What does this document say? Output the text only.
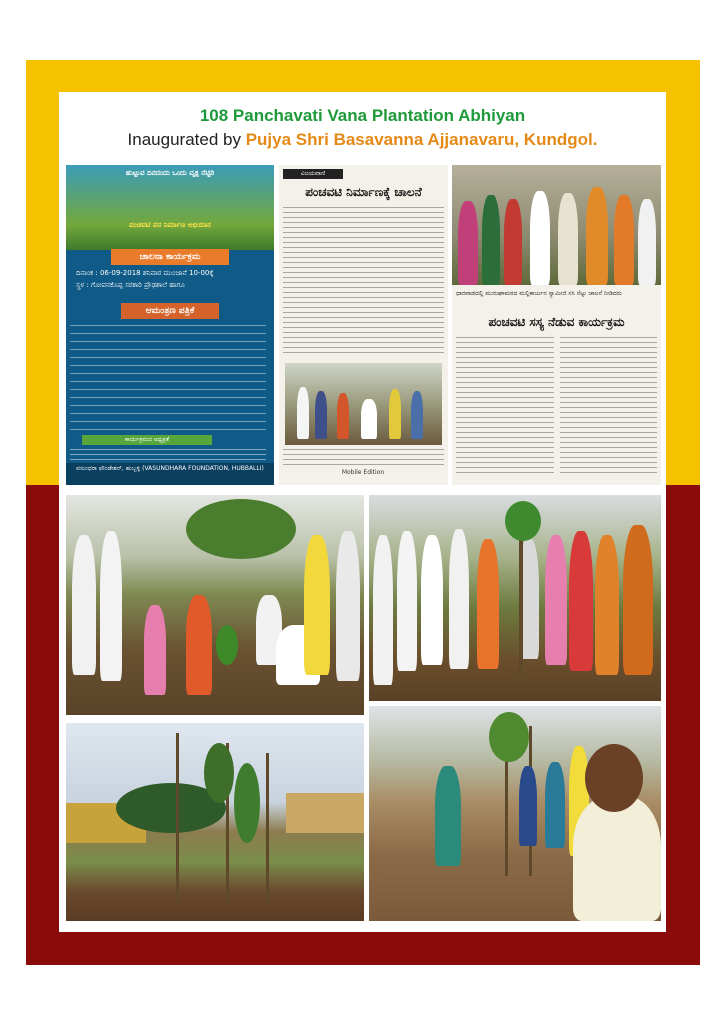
108 Panchavati Vana Plantation Abhiyan
Inaugurated by Pujya Shri Basavanna Ajjanavaru, Kundgol.
ಹುಟ್ಟುವ ದಿನದಂದು ಒಂದು ವೃಕ್ಷ ನೆಟ್ಟಿರಿ
ಪಂಚವಟಿ ವನ ನಿರ್ಮಾಣ ಅಭಿಯಾನ
ಚಾಲನಾ ಕಾರ್ಯಕ್ರಮ
ದಿನಾಂಕ : 06-09-2018 ಶನಿವಾರ ಮುಂಜಾನೆ 10-00ಕ್ಕೆ
ಸ್ಥಳ : ಗೋಪನಕೊಪ್ಪ ಸರಕಾರಿ ಪ್ರೌಢಶಾಲೆ ಹಾಗೂ
ಆಮಂತ್ರಣ ಪತ್ರಿಕೆ
ಕಾರ್ಯಕ್ರಮದ ಅಧ್ಯಕ್ಷತೆ
ವಸುಂಧರಾ ಫೌಂಡೇಶನ್, ಹುಬ್ಬಳ್ಳಿ (VASUNDHARA FOUNDATION, HUBBALLI)
ವಿಜಯವಾಣಿ
ಪಂಚವಟಿ ನಿರ್ಮಾಣಕ್ಕೆ ಚಾಲನೆ
Mobile Edition
ಧಾರವಾಡದಲ್ಲಿ ಮುರುಘಾಮಠದ ಮಲ್ಲಿಕಾರ್ಜುನ ಸ್ವಾಮೀಜಿ ಸಸಿ ನೆಟ್ಟು ಚಾಲನೆ ನೀಡಿದರು
ಪಂಚವಟಿ ಸಸ್ಯ ನೆಡುವ ಕಾರ್ಯಕ್ರಮ
